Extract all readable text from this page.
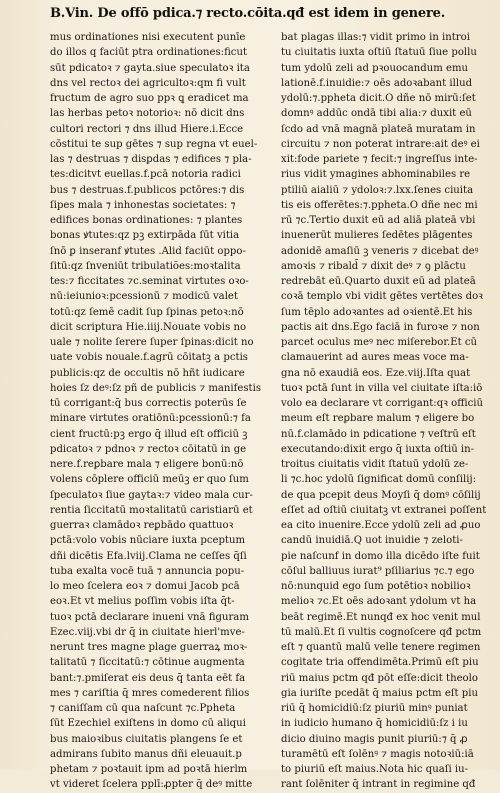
B.Vin. De offō pdica.⁊ recto.cōita.qđ est idem in genere.
mus ordinationes nisi executent punīe
do illos q faciūt ptra ordinationes:ficut
sūt pdicatoꝛ ⁊ gayta.siue speculatoꝛ ita
dns vel rectoꝛ dei agricultoꝛ:qm fi vult
fructum de agro suo ppꝛ ꝗ eradicet ma
las herbas petoꝛ notorioꝛ: nō dicit dns
cultori rectori ⁊ dns illud Hiere.i.Ecce
cōstitui te sup gētes ⁊ sup regna vt euel-
las ⁊ destruas ⁊ disꝑdas ⁊ edifices ⁊ pla-
tes:dicitvt euellas.f.pcā notoria radici
bus ⁊ destruas.f.publicos pctōres:⁊ dis
ſipes mala ⁊ inhonestas societates: ⁊
edifices bonas ordinationes: ⁊ plantes
bonas ꝟtutes:qz pꝫ extirpāda ſūt vitia
ſnō ꝑ inseranf ꝟtutes .Alid faciūt oppo-
ſitū:qz ſnveniūt tribulatiões:moꝛtalita
tes:⁊ ficcitates ⁊c.seminat virtutes oꝛo-
nū:ieiunioꝛ:pcessionū ⁊ modicū valet
totū:qz ſemē cadit ſup ſpinas petoꝛ:nō
dicit scriptura Hie.iiij.Nouate vobis no
uale ⁊ nolite ſerere ſuper ſpinas:dicit no
uate vobis nouale.f.agrū cōitatꝫ a pctis
publicis:qz de occultis nō hñt iudicare
hoies ſz deꝰ:ſz pñ de publicis ⁊ manifestis
tū corrigant:q̄ bus correctis poterūs ſe
minare virtutes oratiōnū:pcessionū:⁊ fa
cient fructū:pꝫ ergo q̄ illud eſt officiū ꝫ
pdicatoꝛ ⁊ pdnoꝛ ⁊ rectoꝛ cōitatū in ge
nere.f.reꝑbare mala ⁊ eligere bonū:nō
volens cōplere officiū meūꝫ er quo ſum
ſpeculatoꝛ ſiue gaytaꝛ:⁊ video mala cur-
rentia ſiccitatū moꝛtalitatū caristiarū et
guerraꝛ clamādoꝛ reꝑbādo quattuoꝛ
pctā:volo vobis nūciare iuxta pceptum
dñi dicētis Efa.lviij.Clama ne ceſſes q̄ſi
tuba exalta vocē tuā ⁊ annuncia popu-
lo meo ſcelera eoꝛ ⁊ domui Jacob pcā
eoꝛ.Et vt melius poſſim vobis iſta q̄t-
tuoꝛ pctā declarare inueni vnā figuram
Ezec.viij.vbi dr q̄ in ciuitate hierl'mve-
nerunt tres magne plage guerraꝝ moꝛ-
talitatū ⁊ ſiccitatū:⁊ cōtinue augmenta
bant:⁊.pmiſerat eis deus q̄ tanta eēt fa
mes ⁊ cariſtia q̄ mres comederent filios
⁊ caniſſam cū qua naſcunt ⁊c.Ppheta
ſūt Ezechiel exiſtens in domo cū aliqui
bus maioꝛibus ciuitatis plangens ſe et
admirans ſubito manus dñi eleuauit.p
phetam ⁊ poꝛtauit ipm ad poꝛtā hierlm
vt videret ſcelera pplī:ꝓpter q̄ deꝰ mitte
bat plagas illas:⁊ vidit primo in introi
tu ciuitatis iuxta oſtiū ſtatuū ſiue pollu
tum ydolū zeli ad pꝛouocandum emu
lationē.f.inuidie:⁊ oēs adoꝛabant illud
ydolū:⁊.ppheta dicit.O dñe nō mirū:ſet
domnꝰ addūc ondā tibi alia:⁊ duxit eū
ſcdo ad vnā magnā plateā muratam in
circuitu ⁊ non poterat intrare:ait deꝰ ei
xit:fode pariete ⁊ fecit:⁊ ingreſſus inte-
rius vidit ymagines abhominabiles re
ptiliū aialiū ⁊ ydoloꝛ:⁊.lxx.ſenes ciuita
tis eis offerētes:⁊.ppheta.O dñe nec mi
rū ⁊c.Tertio duxit eū ad aliā plateā vbi
inuenerūt mulieres ſedētes plāgentes
adonidē amaſiū ꝫ veneris ⁊ dicebat deꝰ
amoꝛis ⁊ ribald̄ ⁊ dixit deꝰ ⁊ ꝯ plāctu
redrebāt eū.Quarto duxit eū ad plateā
coꝛā templo vbi vidit gētes vertētes doꝛ
ſum tēplo adoꝛantes ad oꝛientē.Et his
pactis ait dns.Ego faciā in furoꝛe ⁊ non
parcet oculus meꝰ nec miſerebor.Et cū
clamauerint ad aures meas voce ma-
gna nō exaudiā eos. Eze.viij.Iſta quat
tuoꝛ pctā ſunt in villa vel ciuitate iſta:iō
volo ea declarare vt corrigant:qꝛ officiū
meum eſt reꝑbare malum ⁊ eligere bo
nū.f.clamādo in pdicatione ⁊ veſtrū eſt
executando:dixit ergo q̄ iuxta oſtiū in-
troitus ciuitatis vidit ſtatuū ydolū ze-
li ⁊c.hoc ydolū ſignificat domū conſilij:
de qua pcepit deus Moyſi q̄ domꝰ cōſilij
eſſet ad oſtiū ciuitatꝫ vt extranei poſſent
ea cito inuenire.Ecce ydolū zeli ad ꝓuo
candū inuidiā.Q uot inuidie ⁊ zeloti-
pie naſcunf in domo illa dicēdo iſte fuit
cōſul balliuus iurat⁹ pſiliarius ⁊c.⁊ ego
nō:nunquid ego ſum potētioꝛ nobilioꝛ
melioꝛ ⁊c.Et oēs adoꝛant ydolum vt ha
beāt regimē.Et nunqđ ex hoc venit mul
tū malū.Et ſi vultis cognoſcere qđ pctm
eſt ⁊ quantū malū velle tenere regimen
cogitate tria offendimēta.Primū eſt piu
riū maius pctm qđ pōt eſſe:dicit theolo
gia iuriſte pcedāt q̄ maius pctm eſt piu
riū q̄ homicidiū:ſz piuriū minꝰ puniat
in iudicio humano q̄ homicidiū:ſz i iu
dicio diuino magis punit piuriū:⁊ q̄ ꝓ
turamētū eſt ſolēnꝰ ⁊ magis notoꝛiū:iā
to piuriū eſt maius.Nota hic quaſi iu-
rant ſolēniter q̄ intrant in regimine qđ
